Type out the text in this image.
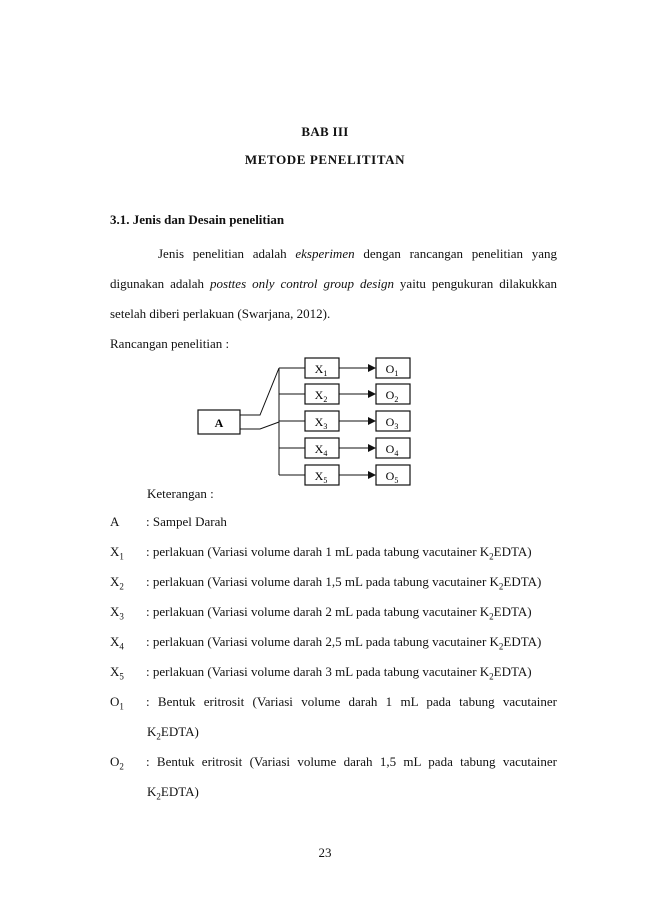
BAB III
METODE PENELITITAN
3.1. Jenis dan Desain penelitian
Jenis penelitian adalah eksperimen dengan rancangan penelitian yang digunakan adalah posttes only control group design yaitu pengukuran dilakukkan setelah diberi perlakuan (Swarjana, 2012).
Rancangan penelitian :
A
$X_1$
$X_2$
$X_3$
$X_4$
$X_5$
$O_1$
$O_2$
$O_3$
$O_4$
$O_5$
Keterangan :
A	: Sampel Darah
$X_1$	: perlakuan (Variasi volume darah 1 mL pada tabung vacutainer $K_2EDTA$)
$X_2$	: perlakuan (Variasi volume darah 1,5 mL pada tabung vacutainer $K_2EDTA$)
$X_3$	: perlakuan (Variasi volume darah 2 mL pada tabung vacutainer $K_2EDTA$)
$X_4$	: perlakuan (Variasi volume darah 2,5 mL pada tabung vacutainer $K_2EDTA$)
$X_5$	: perlakuan (Variasi volume darah 3 mL pada tabung vacutainer $K_2EDTA$)
$O_1$	: Bentuk eritrosit (Variasi volume darah 1 mL pada tabung vacutainer
$K_2EDTA$)
$O_2$	: Bentuk eritrosit (Variasi volume darah 1,5 mL pada tabung vacutainer
$K_2EDTA$)
23
